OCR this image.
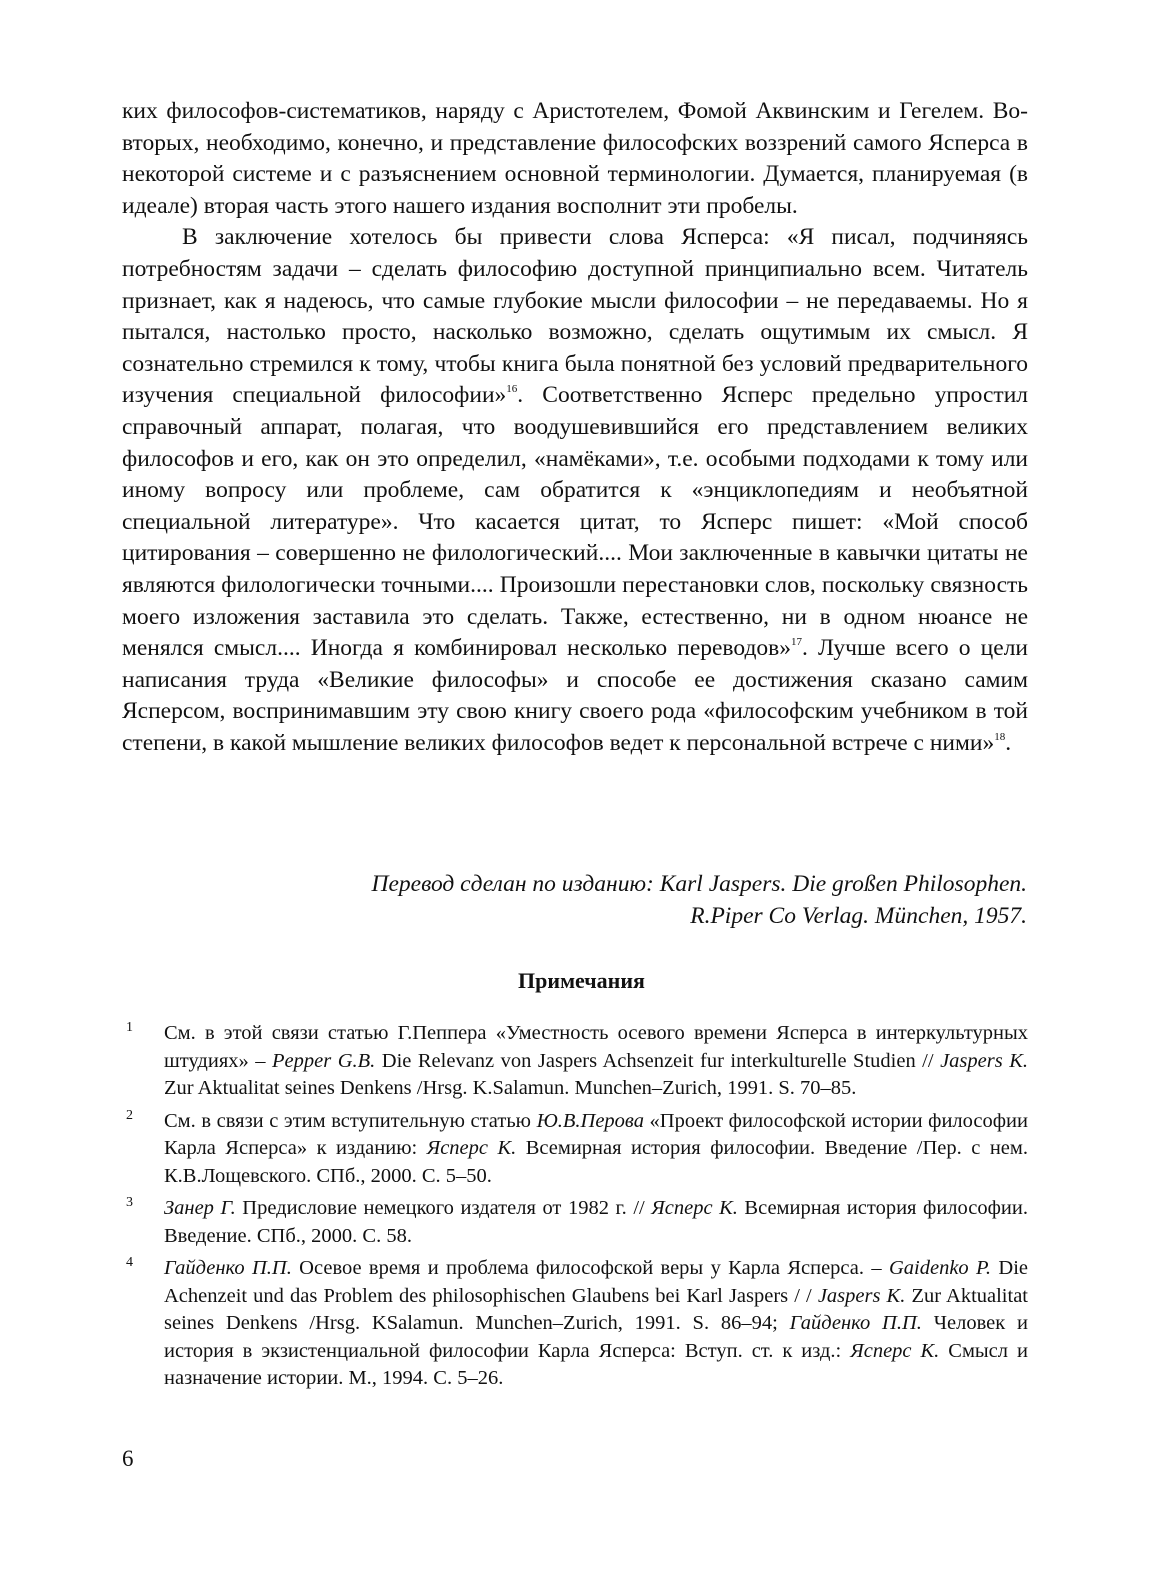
ких философов-систематиков, наряду с Аристотелем, Фомой Аквинским и Гегелем. Во-вторых, необходимо, конечно, и представление философских воззрений самого Ясперса в некоторой системе и с разъяснением основной терминологии. Думается, планируемая (в идеале) вторая часть этого нашего издания восполнит эти пробелы.

В заключение хотелось бы привести слова Ясперса: «Я писал, подчиняясь потребностям задачи – сделать философию доступной принципиально всем. Читатель признает, как я надеюсь, что самые глубокие мысли философии – не передаваемы. Но я пытался, настолько просто, насколько возможно, сделать ощутимым их смысл. Я сознательно стремился к тому, чтобы книга была понятной без условий предварительного изучения специальной философии»$^{16}$. Соответственно Ясперс предельно упростил справочный аппарат, полагая, что воодушевившийся его представлением великих философов и его, как он это определил, «намёками», т.е. особыми подходами к тому или иному вопросу или проблеме, сам обратится к «энциклопедиям и необъятной специальной литературе». Что касается цитат, то Ясперс пишет: «Мой способ цитирования – совершенно не филологический.... Мои заключенные в кавычки цитаты не являются филологически точными.... Произошли перестановки слов, поскольку связность моего изложения заставила это сделать. Также, естественно, ни в одном нюансе не менялся смысл.... Иногда я комбинировал несколько переводов»$^{17}$. Лучше всего о цели написания труда «Великие философы» и способе ее достижения сказано самим Ясперсом, воспринимавшим эту свою книгу своего рода «философским учебником в той степени, в какой мышление великих философов ведет к персональной встрече с ними»$^{18}$.

Перевод сделан по изданию: Karl Jaspers. Die großen Philosophen.
R.Piper Co Verlag. München, 1957.
Примечания
1 См. в этой связи статью Г.Пеппера «Уместность осевого времени Ясперса в интеркультурных штудиях» – Pepper G.B. Die Relevanz von Jaspers Achsenzeit fur interkulturelle Studien // Jaspers K. Zur Aktualitat seines Denkens /Hrsg. K.Salamun. Munchen–Zurich, 1991. S. 70–85.
2 См. в связи с этим вступительную статью Ю.В.Перова «Проект философской истории философии Карла Ясперса» к изданию: Ясперс К. Всемирная история философии. Введение /Пер. с нем. К.В.Лощевского. СПб., 2000. С. 5–50.
3 Занер Г. Предисловие немецкого издателя от 1982 г. // Ясперс К. Всемирная история философии. Введение. СПб., 2000. С. 58.
4 Гайденко П.П. Осевое время и проблема философской веры у Карла Ясперса. – Gaidenko P. Die Achenzeit und das Problem des philosophischen Glaubens bei Karl Jaspers / / Jaspers K. Zur Aktualitat seines Denkens /Hrsg. KSalamun. Munchen–Zurich, 1991. S. 86–94; Гайденко П.П. Человек и история в экзистенциальной философии Карла Ясперса: Вступ. ст. к изд.: Ясперс К. Смысл и назначение истории. М., 1994. С. 5–26.
6
